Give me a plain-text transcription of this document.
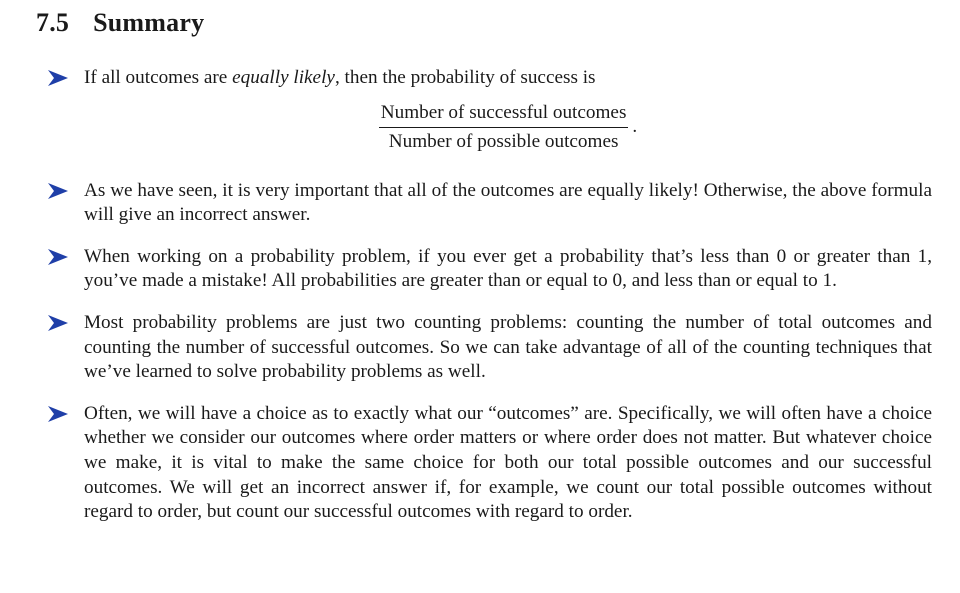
7.5 Summary
If all outcomes are equally likely, then the probability of success is
$\frac{\text{Number of successful outcomes}}{\text{Number of possible outcomes}}$ .
As we have seen, it is very important that all of the outcomes are equally likely! Otherwise, the above formula will give an incorrect answer.
When working on a probability problem, if you ever get a probability that’s less than 0 or greater than 1, you’ve made a mistake! All probabilities are greater than or equal to 0, and less than or equal to 1.
Most probability problems are just two counting problems: counting the number of total outcomes and counting the number of successful outcomes. So we can take advantage of all of the counting techniques that we’ve learned to solve probability problems as well.
Often, we will have a choice as to exactly what our “outcomes” are. Specifically, we will often have a choice whether we consider our outcomes where order matters or where order does not matter. But whatever choice we make, it is vital to make the same choice for both our total possible outcomes and our successful outcomes. We will get an incorrect answer if, for example, we count our total possible outcomes without regard to order, but count our successful outcomes with regard to order.
